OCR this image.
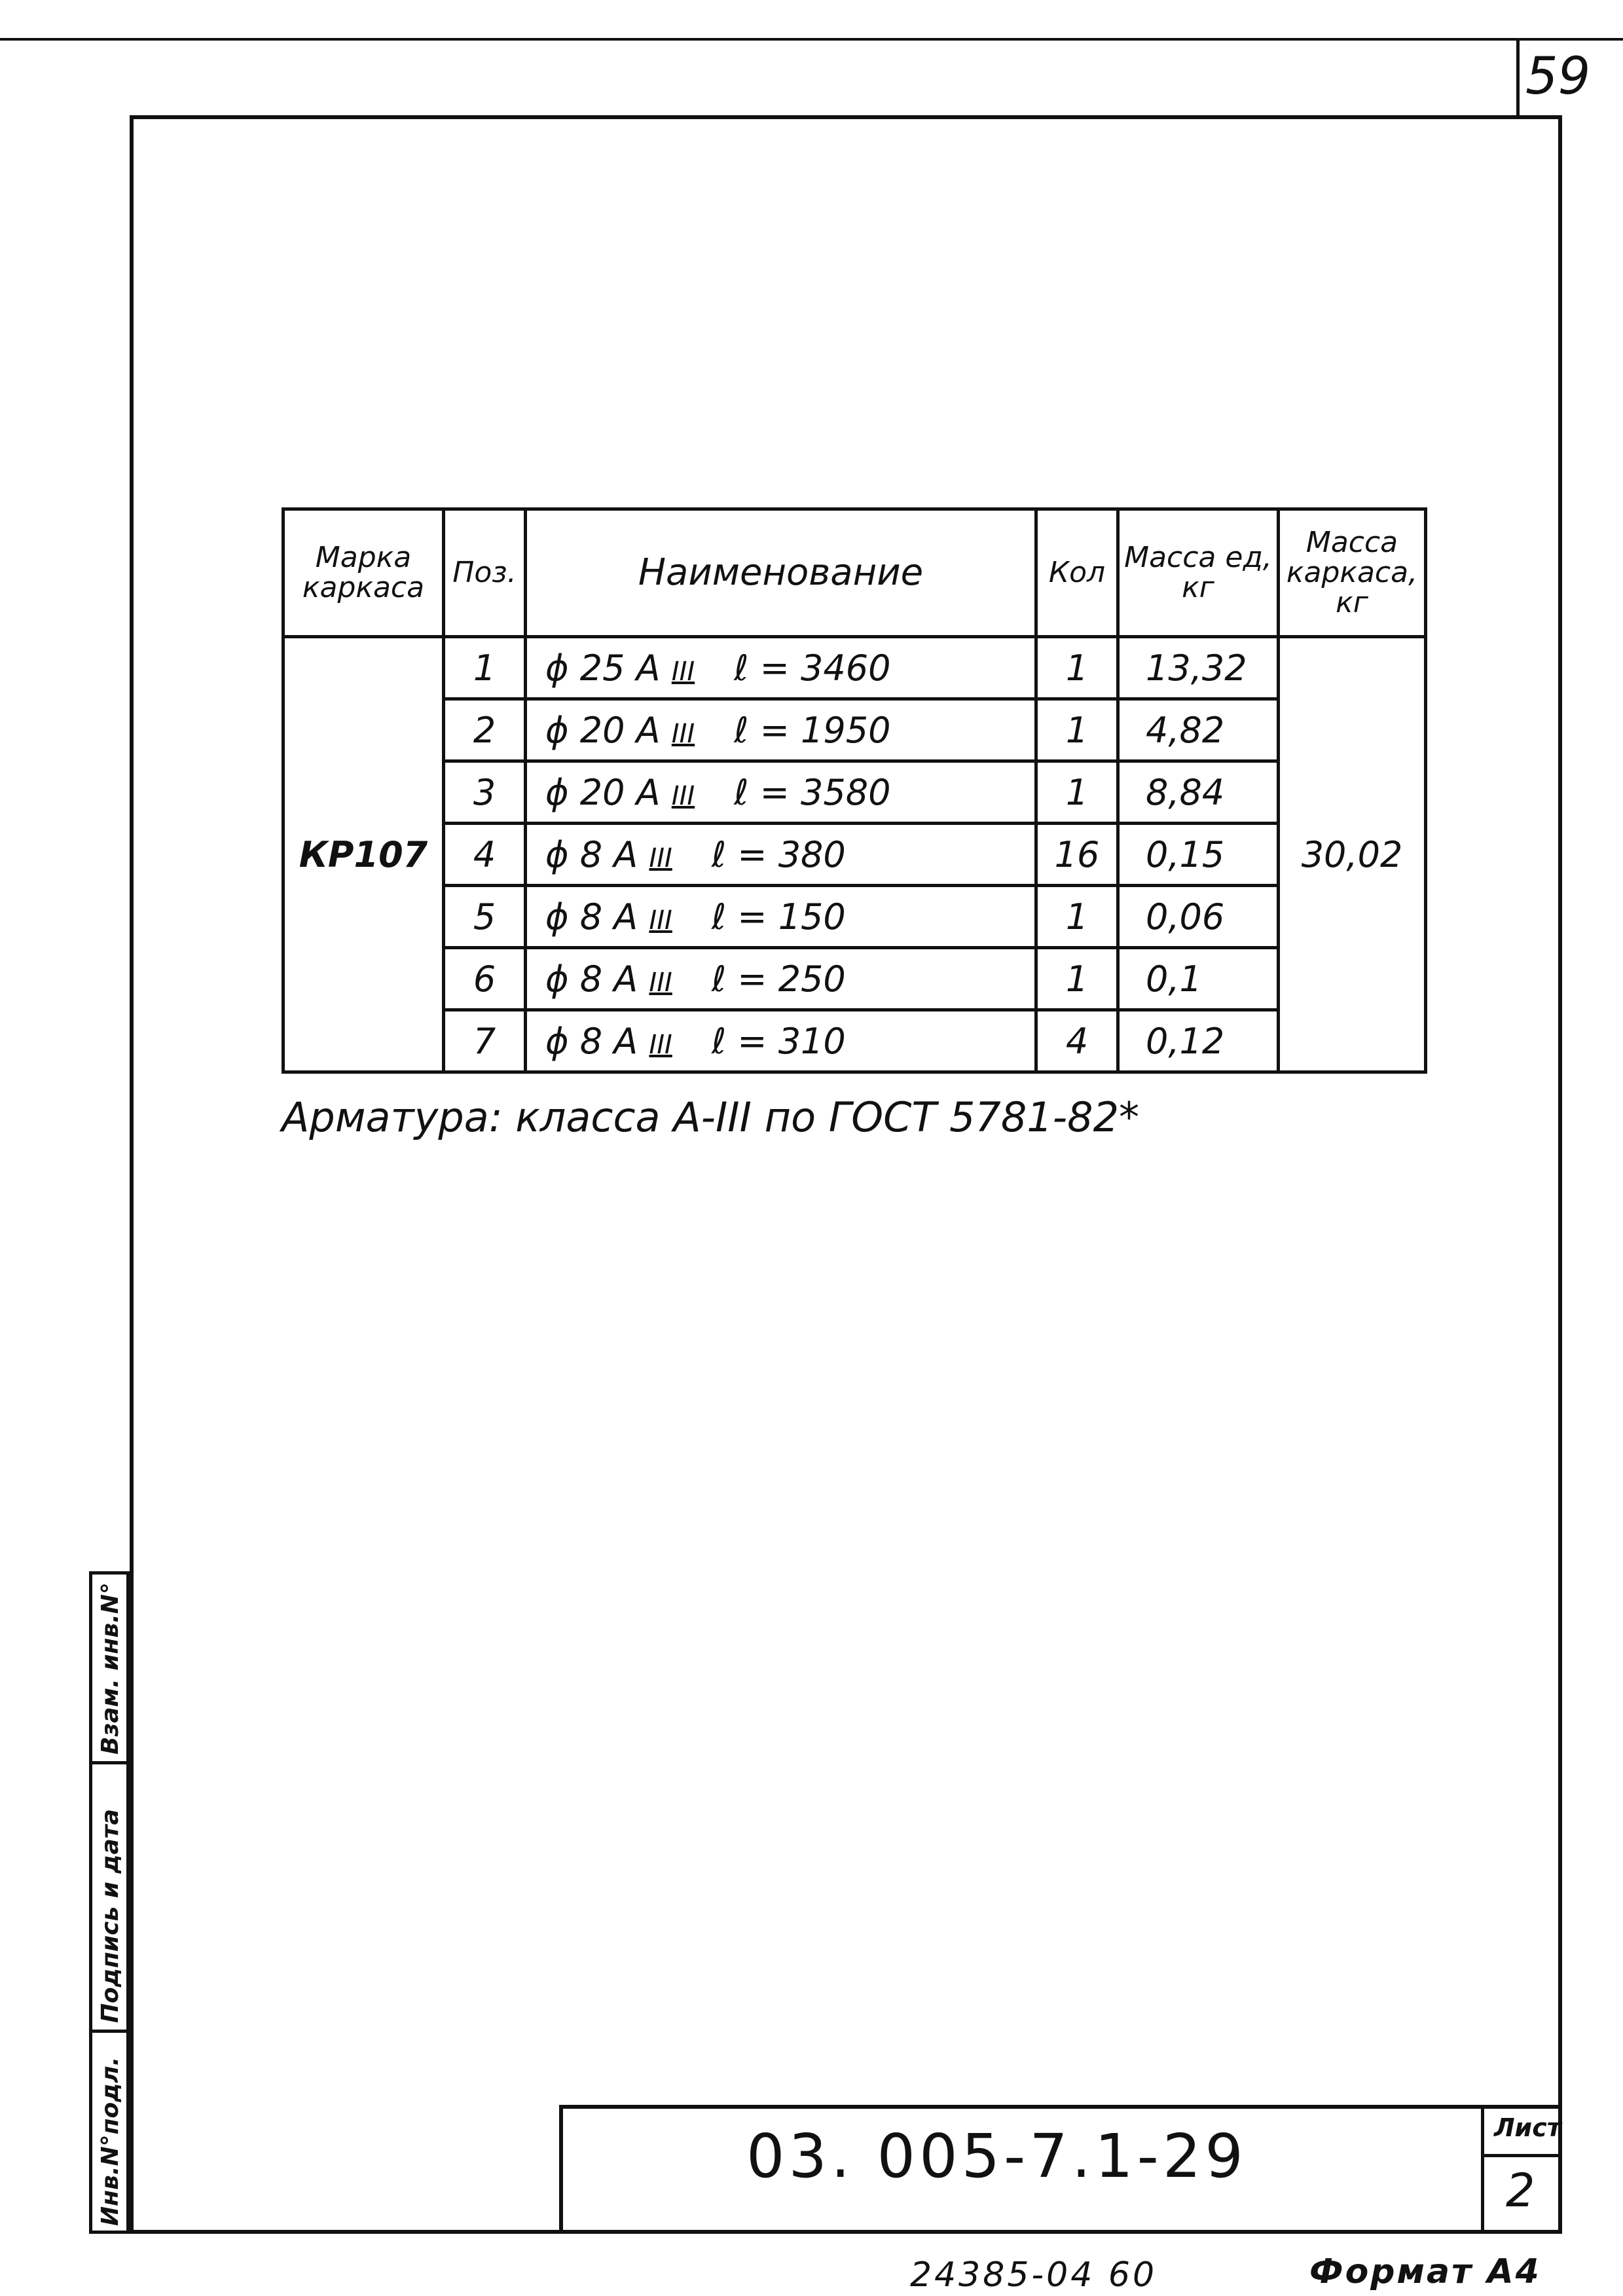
59
Инв.N°подл.
Подпись и дата
Взам. инв.N°
Марка каркаса	Поз.	Наименование	Кол	Масса ед, кг	Масса каркаса, кг
КР107	1	ϕ 25 А III ℓ = 3460	1	13,32	30,02
	2	ϕ 20 А III ℓ = 1950	1	4,82	
	3	ϕ 20 А III ℓ = 3580	1	8,84	
	4	ϕ 8 А III ℓ = 380	16	0,15	
	5	ϕ 8 А III ℓ = 150	1	0,06	
	6	ϕ 8 А III ℓ = 250	1	0,1	
	7	ϕ 8 А III ℓ = 310	4	0,12	
Арматура: класса А-III по ГОСТ 5781-82*
03. 005-7.1-29	Лист
2
24385-04 60	Формат А4
